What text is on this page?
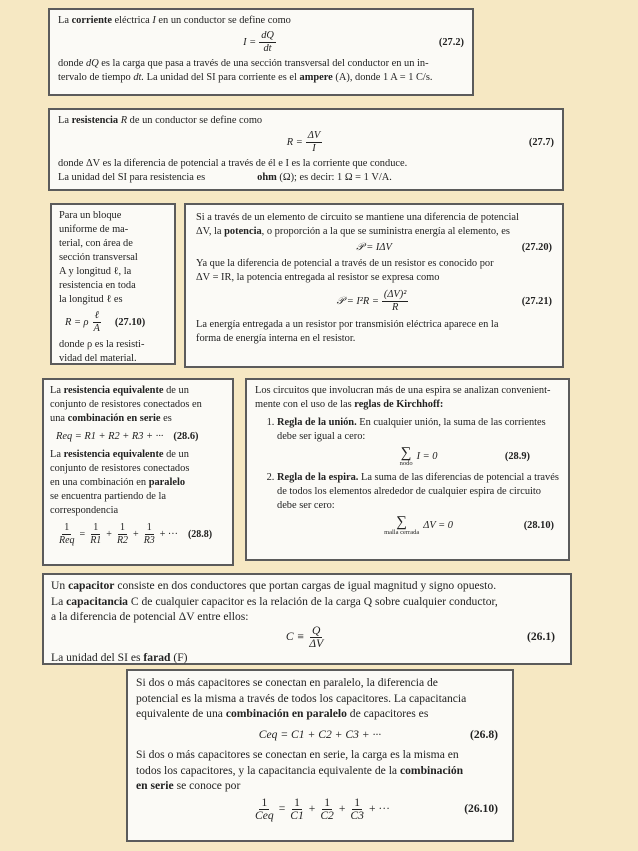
La corriente eléctrica I en un conductor se define como

$I = \frac{dQ}{dt}$	(27.2)

donde dQ es la carga que pasa a través de una sección transversal del conductor en un in-

tervalo de tiempo dt. La unidad del SI para corriente es el ampere (A), donde 1 A = 1 C/s.

La resistencia R de un conductor se define como

$R = \frac{\Delta V}{I}$	(27.7)

donde ΔV es la diferencia de potencial a través de él e I es la corriente que conduce.

La unidad del SI para resistencia es	ohm (Ω); es decir: 1 Ω = 1 V/A.

Para un bloque

uniforme de ma-

terial, con área de

sección transversal

A y longitud ℓ, la

resistencia en toda

la longitud ℓ es

R = ρ $\frac{\text{ℓ}}{A} (27.10)$

donde ρ es la resisti-

vidad del material.

Si a través de un elemento de circuito se mantiene una diferencia de potencial

ΔV, la potencia, o proporción a la que se suministra energía al elemento, es

𝒫 = IΔV	(27.20)

Ya que la diferencia de potencial a través de un resistor es conocido por

ΔV = IR, la potencia entregada al resistor se expresa como

𝒫 = $I^2R = \frac{\text{(ΔV)²}}{R}$	(27.21)

La energía entregada a un resistor por transmisión eléctrica aparece en la

forma de energía interna en el resistor.

La resistencia equivalente de un

conjunto de resistores conectados en

una combinación en serie es

Req = R1 + R2 + R3 + ··· (28.6)

La resistencia equivalente de un

conjunto de resistores conectados

en una combinación en paralelo

se encuentra partiendo de la

correspondencia

$\frac{1}{\text{Req}} = \frac{1}{R1} + \frac{1}{R2} + \frac{1}{R3}$ + ··· (28.8)

Los circuitos que involucran más de una espira se analizan convenient-

mente con el uso de las reglas de Kirchhoff:

1. Regla de la unión. En cualquier unión, la suma de las corrientes debe ser igual a cero:
∑
nodo
I = 0	(28.9)
2. Regla de la espira. La suma de las diferencias de potencial a través de todos los elementos alrededor de cualquier espira de circuito debe ser cero:
∑
malla cerrada
ΔV = 0	(28.10)

Un capacitor consiste en dos conductores que portan cargas de igual magnitud y signo opuesto.

La capacitancia C de cualquier capacitor es la relación de la carga Q sobre cualquier conductor,

a la diferencia de potencial ΔV entre ellos:

$C \equiv \frac{Q}{\Delta V}$	(26.1)

La unidad del SI es farad (F)

Si dos o más capacitores se conectan en paralelo, la diferencia de

potencial es la misma a través de todos los capacitores. La capacitancia

equivalente de una combinación en paralelo de capacitores es

Ceq = C1 + C2 + C3 + ···	(26.8)

Si dos o más capacitores se conectan en serie, la carga es la misma en

todos los capacitores, y la capacitancia equivalente de la combinación

en serie se conoce por

$\frac{1}{\text{Ceq}} = \frac{1}{C1} + \frac{1}{C2} + \frac{1}{C3}$ + ···	(26.10)
